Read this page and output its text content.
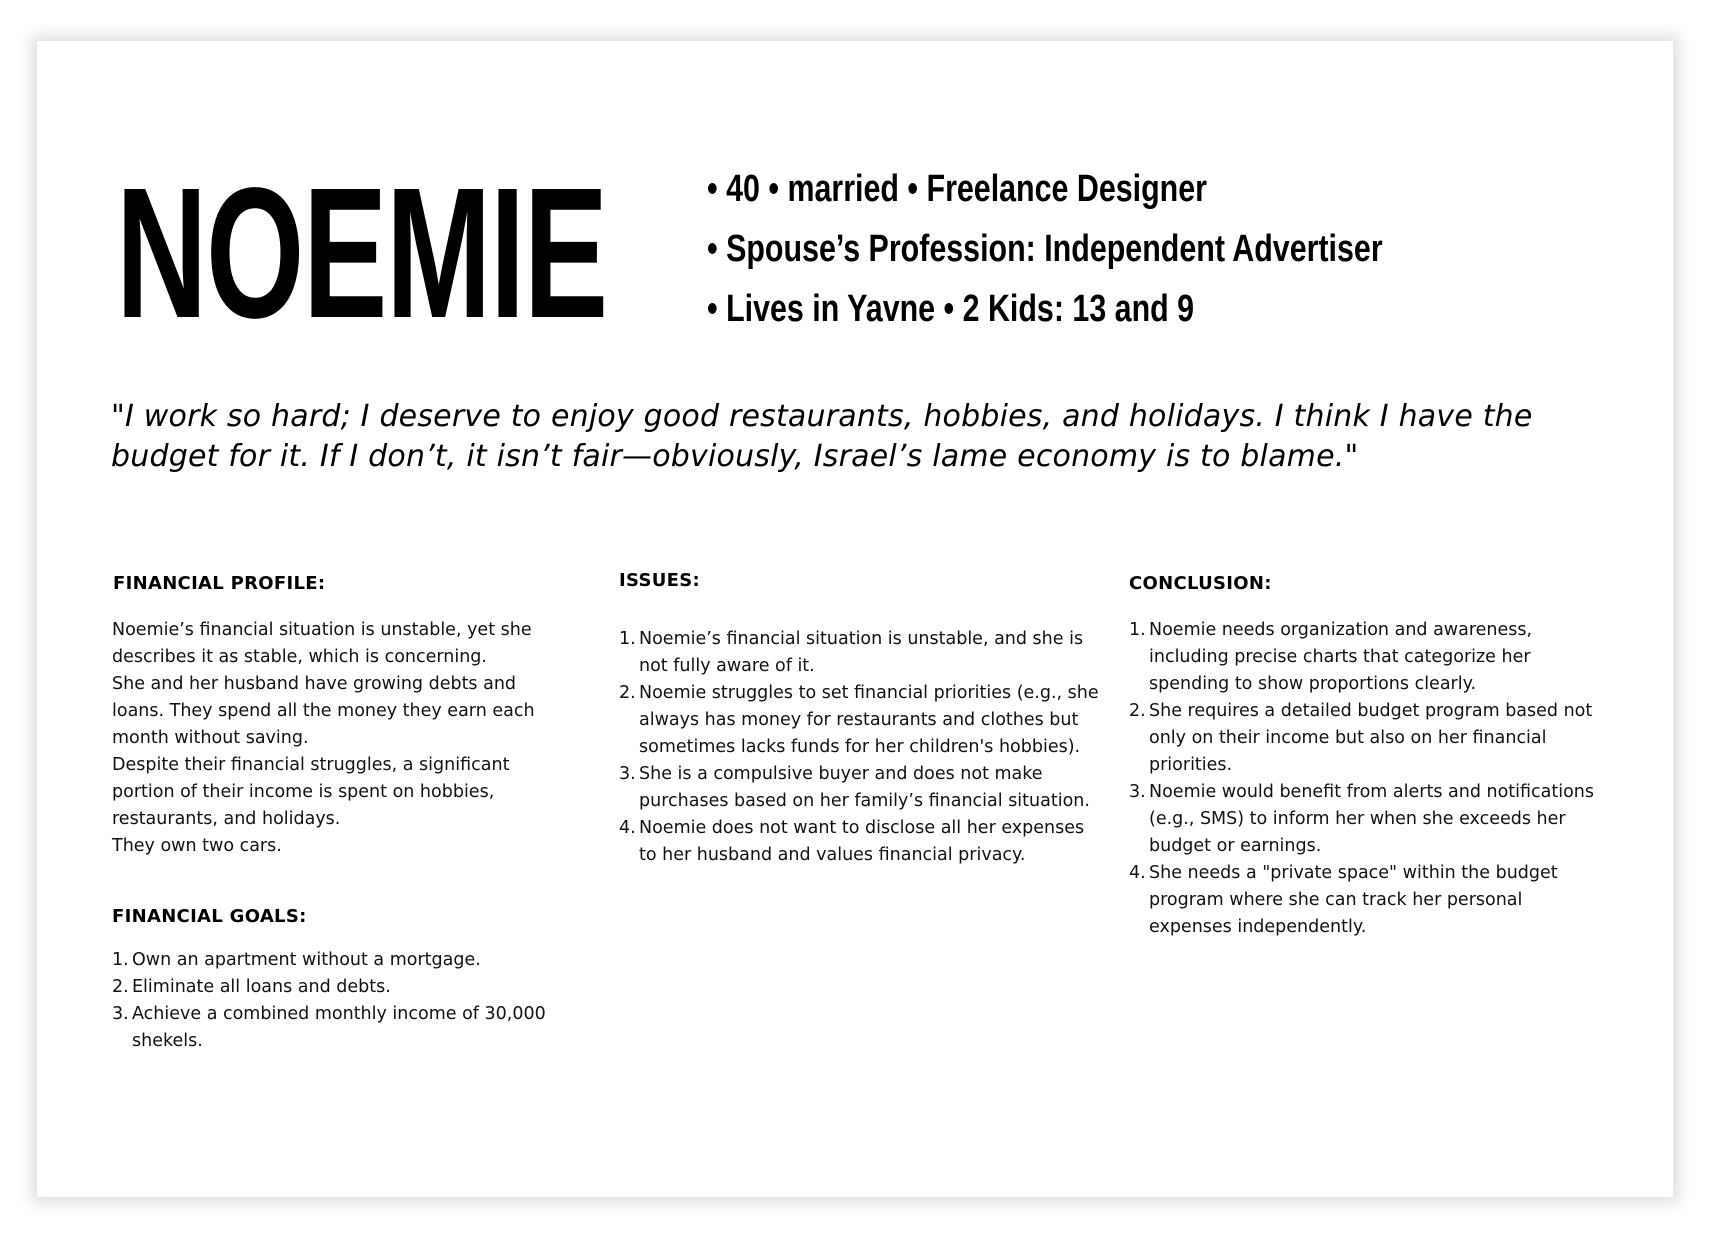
NOEMIE	• 40 • married • Freelance Designer
• Spouse’s Profession: Independent Advertiser
• Lives in Yavne • 2 Kids: 13 and 9

"I work so hard; I deserve to enjoy good restaurants, hobbies, and holidays. I think I have the budget for it. If I don’t, it isn’t fair—obviously, Israel’s lame economy is to blame."

FINANCIAL PROFILE:

Noemie’s financial situation is unstable, yet she describes it as stable, which is concerning.

She and her husband have growing debts and loans. They spend all the money they earn each month without saving.

Despite their financial struggles, a significant portion of their income is spent on hobbies, restaurants, and holidays.

They own two cars.

FINANCIAL GOALS:
1. Own an apartment without a mortgage.
2. Eliminate all loans and debts.
3. Achieve a combined monthly income of 30,000 shekels.
ISSUES:
1. Noemie’s financial situation is unstable, and she is not fully aware of it.
2. Noemie struggles to set financial priorities (e.g., she always has money for restaurants and clothes but sometimes lacks funds for her children's hobbies).
3. She is a compulsive buyer and does not make purchases based on her family’s financial situation.
4. Noemie does not want to disclose all her expenses to her husband and values financial privacy.
CONCLUSION:
1. Noemie needs organization and awareness, including precise charts that categorize her spending to show proportions clearly.
2. She requires a detailed budget program based not only on their income but also on her financial priorities.
3. Noemie would benefit from alerts and notifications (e.g., SMS) to inform her when she exceeds her budget or earnings.
4. She needs a "private space" within the budget program where she can track her personal expenses independently.
